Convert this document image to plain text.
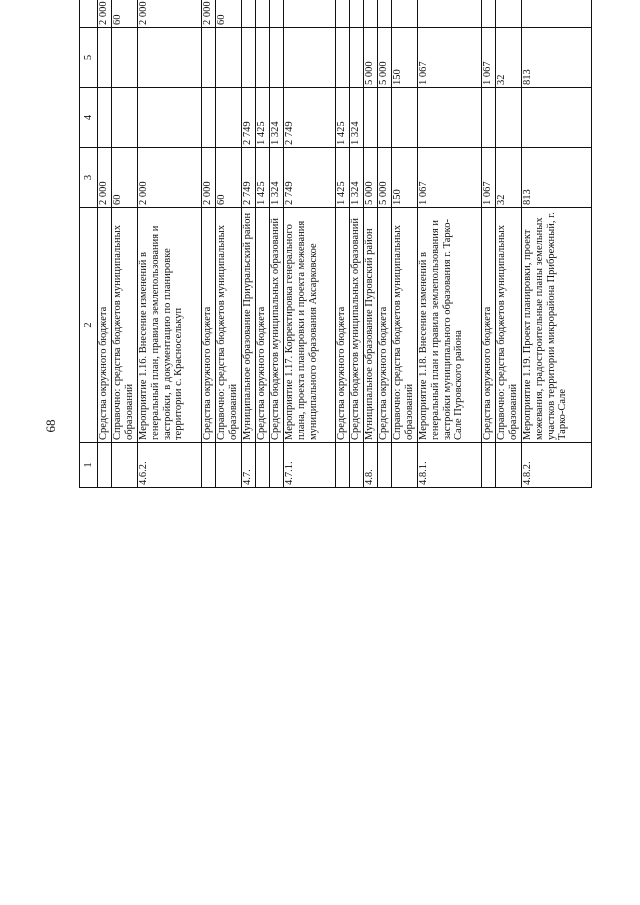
68
1	2	3	4	5					
	Средства окружного бюджета	2 000			2 000				
	Справочно: средства бюджетов муниципальных образований	60			60				
4.6.2.	Мероприятие 1.16. Внесение изменений в генеральный план, правила землепользования и застройки, в документацию по планировке территории с. Красноселькуп	2 000			2 000				
	Средства окружного бюджета	2 000			2 000				
	Справочно: средства бюджетов муниципальных образований	60			60				
4.7.	Муниципальное образование Приуральский район	2 749	2 749						
	Средства окружного бюджета	1 425	1 425						
	Средства бюджетов муниципальных образований	1 324	1 324						
4.7.1.	Мероприятие 1.17. Корректировка генерального плана, проекта планировки и проекта межевания муниципального образования Аксарковское	2 749	2 749						
	Средства окружного бюджета	1 425	1 425						
	Средства бюджетов муниципальных образований	1 324	1 324						
4.8.	Муниципальное образование Пуровский район	5 000		5 000					
	Средства окружного бюджета	5 000		5 000					
	Справочно: средства бюджетов муниципальных образований	150		150					
4.8.1.	Мероприятие 1.18. Внесение изменений в генеральный план и правила землепользования и застройки муниципального образования г. Тарко-Сале Пуровского района	1 067		1 067					
	Средства окружного бюджета	1 067		1 067					
	Справочно: средства бюджетов муниципальных образований	32		32					
4.8.2.	Мероприятие 1.19. Проект планировки, проект межевания, градостроительные планы земельных участков территории микрорайона Прибрежный, г. Тарко-Сале	813		813					
